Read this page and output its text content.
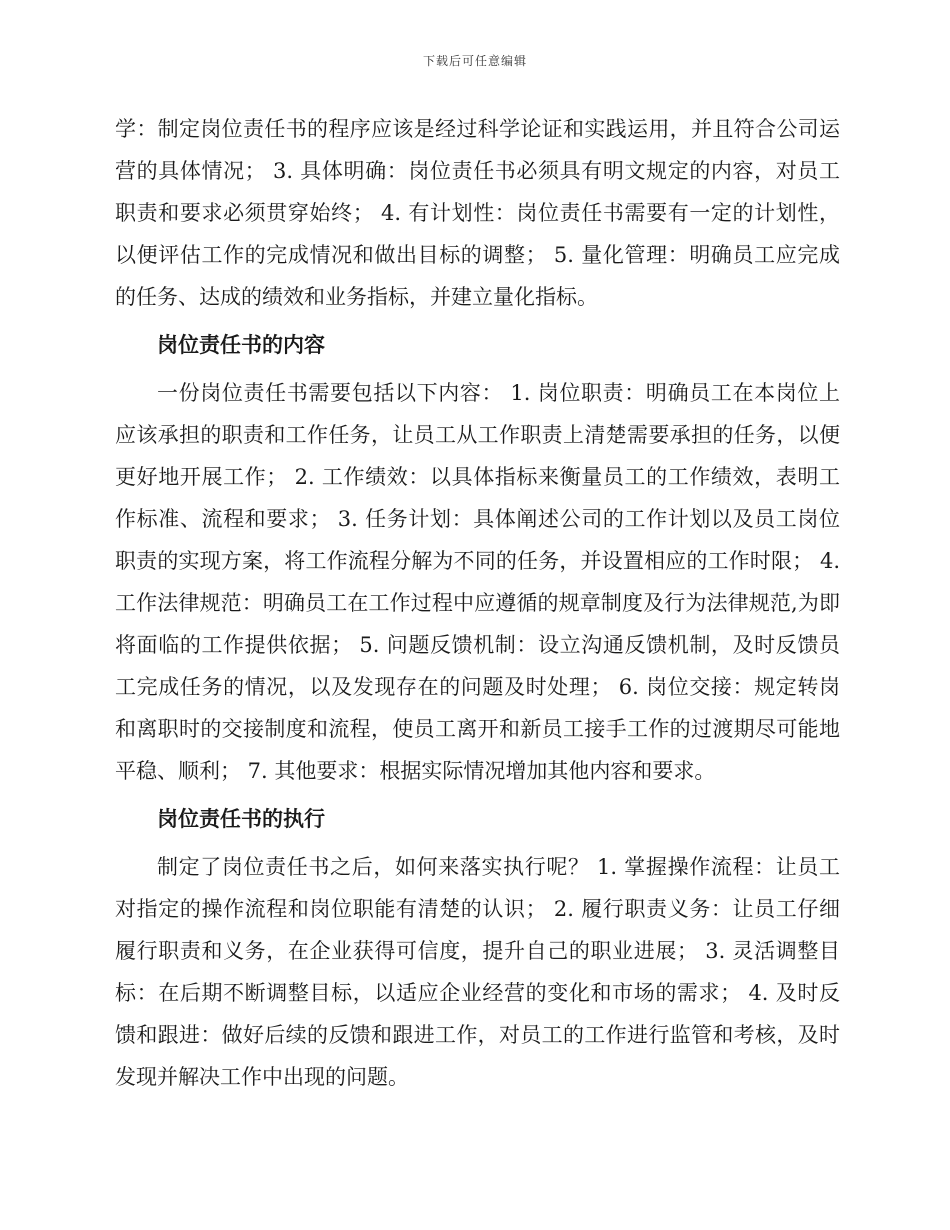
下载后可任意编辑

学：制定岗位责任书的程序应该是经过科学论证和实践运用，并且符合公司运营的具体情况； 3. 具体明确：岗位责任书必须具有明文规定的内容，对员工职责和要求必须贯穿始终； 4. 有计划性：岗位责任书需要有一定的计划性，以便评估工作的完成情况和做出目标的调整； 5. 量化管理：明确员工应完成的任务、达成的绩效和业务指标，并建立量化指标。

岗位责任书的内容

一份岗位责任书需要包括以下内容： 1. 岗位职责：明确员工在本岗位上应该承担的职责和工作任务，让员工从工作职责上清楚需要承担的任务，以便更好地开展工作； 2. 工作绩效：以具体指标来衡量员工的工作绩效，表明工作标准、流程和要求； 3. 任务计划：具体阐述公司的工作计划以及员工岗位职责的实现方案，将工作流程分解为不同的任务，并设置相应的工作时限； 4. 工作法律规范：明确员工在工作过程中应遵循的规章制度及行为法律规范,为即将面临的工作提供依据； 5. 问题反馈机制：设立沟通反馈机制，及时反馈员工完成任务的情况，以及发现存在的问题及时处理； 6. 岗位交接：规定转岗和离职时的交接制度和流程，使员工离开和新员工接手工作的过渡期尽可能地平稳、顺利； 7. 其他要求：根据实际情况增加其他内容和要求。

岗位责任书的执行

制定了岗位责任书之后，如何来落实执行呢？ 1. 掌握操作流程：让员工对指定的操作流程和岗位职能有清楚的认识； 2. 履行职责义务：让员工仔细履行职责和义务，在企业获得可信度，提升自己的职业进展； 3. 灵活调整目标：在后期不断调整目标，以适应企业经营的变化和市场的需求； 4. 及时反馈和跟进：做好后续的反馈和跟进工作，对员工的工作进行监管和考核，及时发现并解决工作中出现的问题。
